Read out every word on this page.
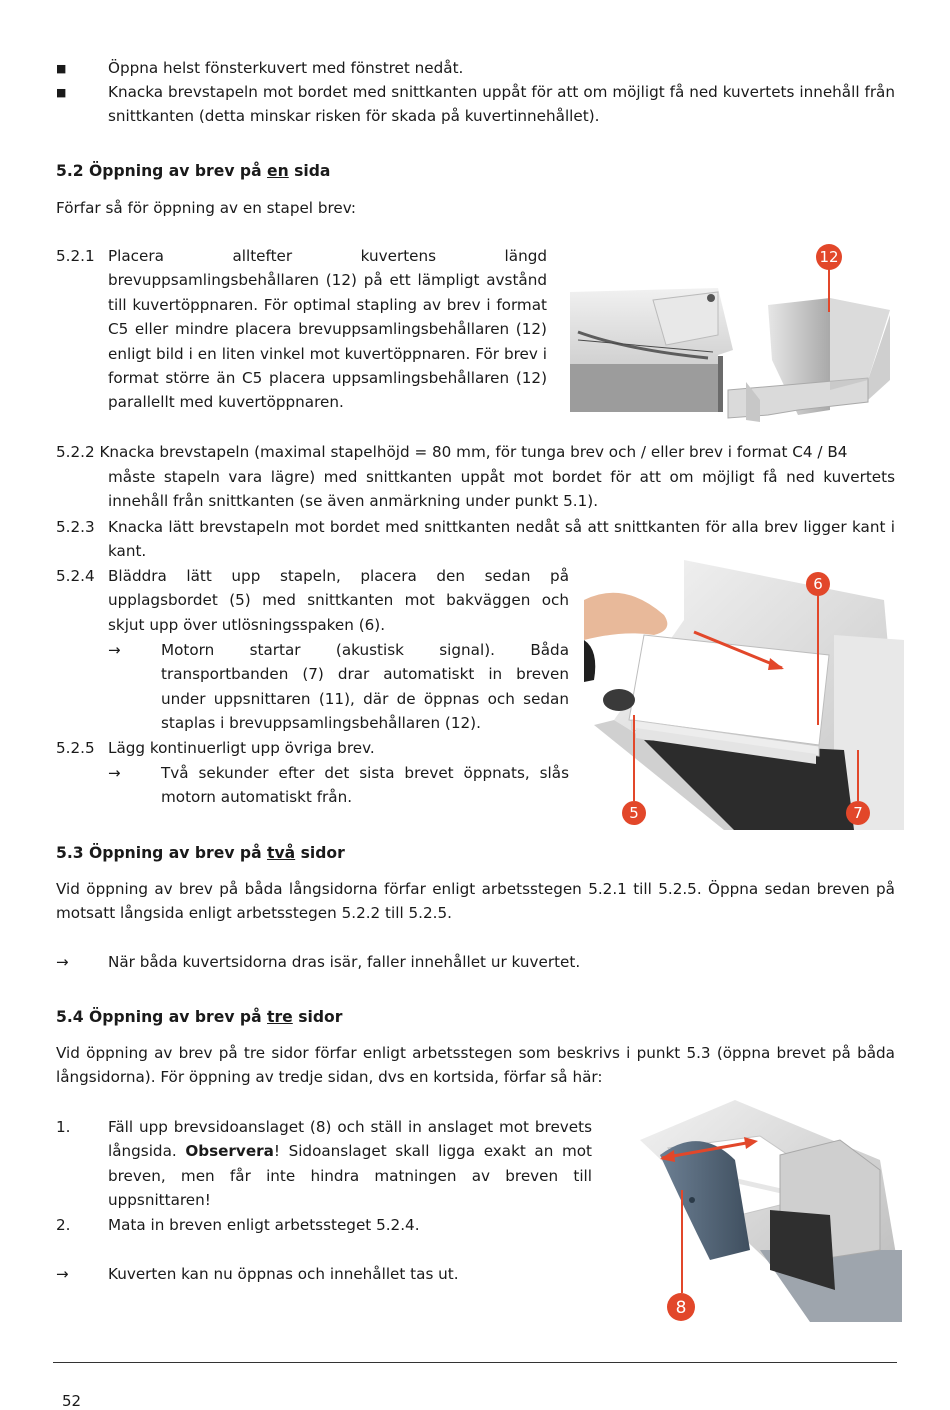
■	Öppna helst fönsterkuvert med fönstret nedåt.

■	Knacka brevstapeln mot bordet med snittkanten uppåt för att om möjligt få ned kuvertets innehåll från snittkanten (detta minskar risken för skada på kuvertinnehållet).

5.2 Öppning av brev på en sida

Förfar så för öppning av en stapel brev:

5.2.1 Placera alltefter kuvertens längd brevuppsamlingsbehållaren (12) på ett lämpligt avstånd till kuvertöppnaren. För optimal stapling av brev i format C5 eller mindre placera brevuppsamlingsbehållaren (12) enligt bild i en liten vinkel mot kuvertöppnaren. För brev i format större än C5 placera uppsamlingsbehållaren (12) parallellt med kuvertöppnaren.

12

5.2.2 Knacka brevstapeln (maximal stapelhöjd = 80 mm, för tunga brev och / eller brev i format C4 / B4

måste stapeln vara lägre) med snittkanten uppåt mot bordet för att om möjligt få ned kuvertets innehåll från snittkanten (se även anmärkning under punkt 5.1).

5.2.3 Knacka lätt brevstapeln mot bordet med snittkanten nedåt så att snittkanten för alla brev ligger kant i kant.

5.2.4 Bläddra lätt upp stapeln, placera den sedan på upplagsbordet (5) med snittkanten mot bakväggen och skjut upp över utlösningsspaken (6).

→	Motorn startar (akustisk signal). Båda transportbanden (7) drar automatiskt in breven under uppsnittaren (11), där de öppnas och sedan staplas i brevuppsamlingsbehållaren (12).

5.2.5 Lägg kontinuerligt upp övriga brev.

→	Två sekunder efter det sista brevet öppnats, slås motorn automatiskt från.

6
5	7

5.3 Öppning av brev på två sidor

Vid öppning av brev på båda långsidorna förfar enligt arbetsstegen 5.2.1 till 5.2.5. Öppna sedan breven på motsatt långsida enligt arbetsstegen 5.2.2 till 5.2.5.

→	När båda kuvertsidorna dras isär, faller innehållet ur kuvertet.

5.4 Öppning av brev på tre sidor

Vid öppning av brev på tre sidor förfar enligt arbetsstegen som beskrivs i punkt 5.3 (öppna brevet på båda långsidorna). För öppning av tredje sidan, dvs en kortsida, förfar så här:

1. Fäll upp brevsidoanslaget (8) och ställ in anslaget mot brevets långsida. Observera! Sidoanslaget skall ligga exakt an mot breven, men får inte hindra matningen av breven till uppsnittaren!

2. Mata in breven enligt arbetssteget 5.2.4.

→	Kuverten kan nu öppnas och innehållet tas ut.

8
52
